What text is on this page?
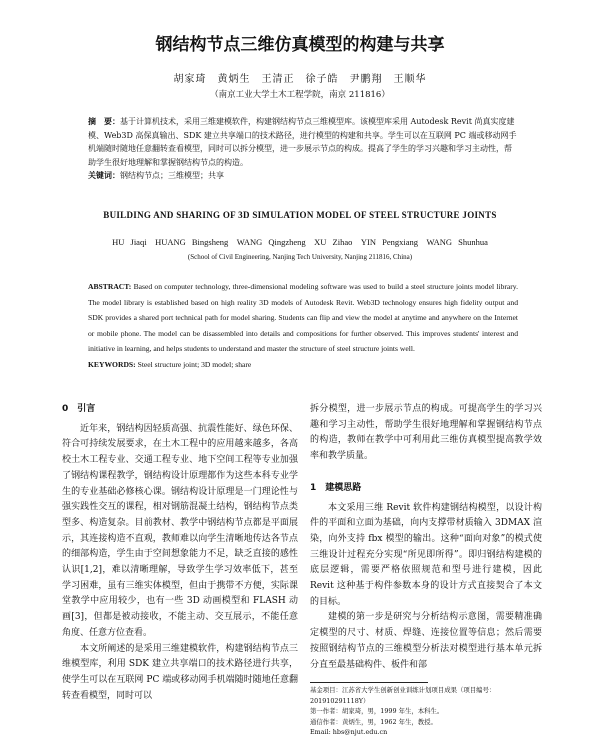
钢结构节点三维仿真模型的构建与共享
胡家琦　黄炳生　王清正　徐子皓　尹鹏翔　王顺华
（南京工业大学土木工程学院，南京 211816）
摘　要：基于计算机技术，采用三维建模软件，构建钢结构节点三维模型库。该模型库采用 Autodesk Revit 尚真实度建模、Web3D 高保真输出、SDK 建立共享端口的技术路径，进行模型的构建和共享。学生可以在互联网 PC 端或移动网手机端随时随地任意翻转查看模型，同时可以拆分模型，进一步展示节点的构成。提高了学生的学习兴趣和学习主动性，帮助学生很好地理解和掌握钢结构节点的构造。
关键词：钢结构节点；三维模型；共享
BUILDING AND SHARING OF 3D SIMULATION MODEL OF STEEL STRUCTURE JOINTS
HU Jiaqi　HUANG Bingsheng　WANG Qingzheng　XU Zihao　YIN Pengxiang　WANG Shunhua
(School of Civil Engineering, Nanjing Tech University, Nanjing 211816, China)
ABSTRACT: Based on computer technology, three-dimensional modeling software was used to build a steel structure joints model library. The model library is established based on high reality 3D models of Autodesk Revit. Web3D technology ensures high fidelity output and SDK provides a shared port technical path for model sharing. Students can flip and view the model at anytime and anywhere on the Internet or mobile phone. The model can be disassembled into details and compositions for further observed. This improves students' interest and initiative in learning, and helps students to understand and master the structure of steel structure joints well.
KEYWORDS: Steel structure joint; 3D model; share

0　引言

近年来，钢结构因轻质高强、抗震性能好、绿色环保、符合可持续发展要求，在土木工程中的应用越来越多，各高校土木工程专业、交通工程专业、地下空间工程等专业加强了钢结构课程教学，钢结构设计原理都作为这些本科专业学生的专业基础必修核心课。钢结构设计原理是一门理论性与强实践性交互的课程，相对钢筋混凝土结构，钢结构节点类型多、构造复杂。目前教材、教学中钢结构节点都是平面展示，其连接构造不直观，教师难以向学生清晰地传达各节点的细部构造，学生由于空间想象能力不足，缺乏直接的感性认识[1,2]，难以清晰理解，导致学生学习效率低下，甚至学习困难，虽有三维实体模型，但由于携带不方便，实际课堂教学中应用较少，也有一些 3D 动画模型和 FLASH 动画[3]，但都是被动接收，不能主动、交互展示，不能任意角度、任意方位查看。

本文所阐述的是采用三维建模软件，构建钢结构节点三维模型库，利用 SDK 建立共享端口的技术路径进行共享，使学生可以在互联网 PC 端或移动网手机端随时随地任意翻转查看模型，同时可以

拆分模型，进一步展示节点的构成。可提高学生的学习兴趣和学习主动性，帮助学生很好地理解和掌握钢结构节点的构造，教师在教学中可利用此三维仿真模型提高教学效率和教学质量。

1　建模思路

本文采用三维 Revit 软件构建钢结构模型，以设计构件的平面和立面为基础，向内支撑带材质输入 3DMAX 渲染，向外支持 fbx 模型的输出。这种“面向对象”的模式使三维设计过程充分实现“所见即所得”。即归钢结构建模的底层逻辑，需要严格依照规范和型号进行建模，因此 Revit 这种基于构件参数本身的设计方式直接契合了本文的目标。

建模的第一步是研究与分析结构示意图，需要精准确定模型的尺寸、材质、焊缝、连接位置等信息；然后需要按照钢结构节点的三维模型分析法对模型进行基本单元拆分直至最基础构件、板件和部

基金项目：江苏省大学生创新创业训练计划项目成果（项目编号：201910291118Y）
第一作者：胡家琦，男，1999 年生，本科生。
通信作者：黄炳生，男，1962 年生，教授。
Email: hbs@njut.edu.cn
